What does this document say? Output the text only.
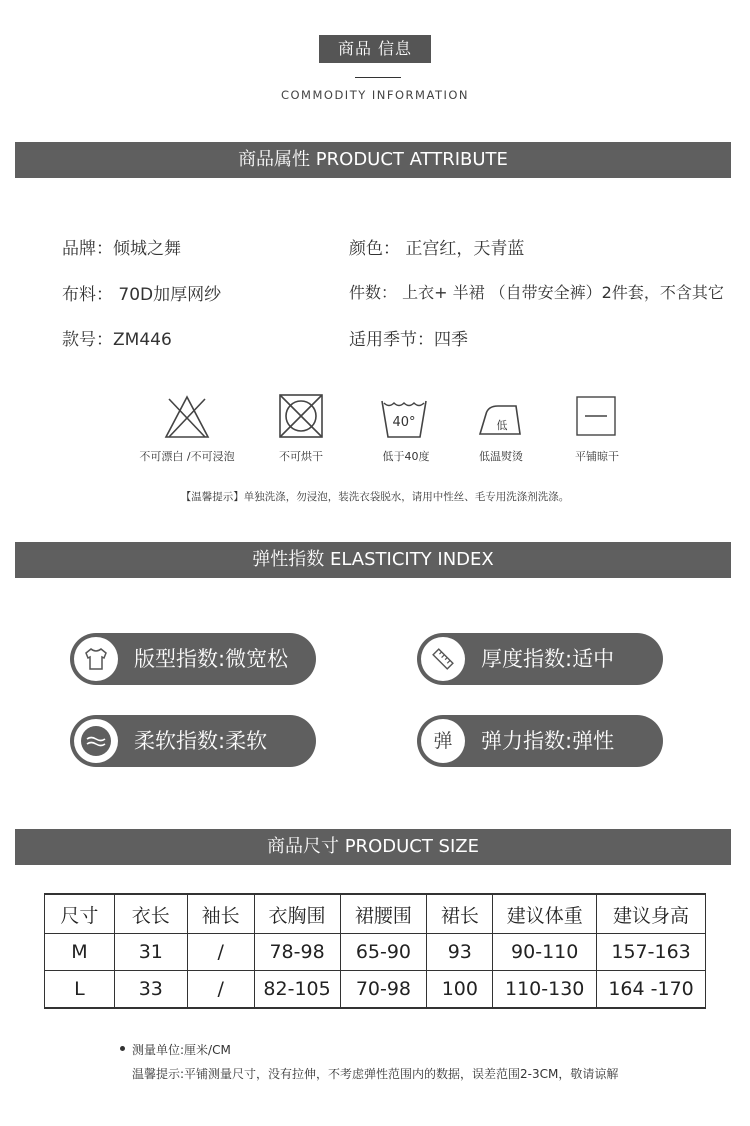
商品 信息
COMMODITY INFORMATION
商品属性 PRODUCT ATTRIBUTE
品牌：倾城之舞
布料： 70D加厚网纱
款号：ZM446
颜色： 正宫红，天青蓝
件数： 上衣+ 半裙 （自带安全裤）2件套，不含其它
适用季节：四季
40°	低
不可漂白 /不可浸泡	不可烘干	低于40度	低温熨烫	平铺晾干
【温馨提示】单独洗涤，勿浸泡，装洗衣袋脱水，请用中性丝、毛专用洗涤剂洗涤。
弹性指数 ELASTICITY INDEX
版型指数:微宽松	厚度指数:适中
柔软指数:柔软	弹	弹力指数:弹性
商品尺寸 PRODUCT SIZE
尺寸	衣长	袖长	衣胸围	裙腰围	裙长	建议体重	建议身高
M	31	/	78-98	65-90	93	90-110	157-163
L	33	/	82-105	70-98	100	110-130	164 -170
测量单位:厘米/CM
温馨提示:平铺测量尺寸，没有拉伸，不考虑弹性范围内的数据，误差范围2-3CM，敬请谅解
